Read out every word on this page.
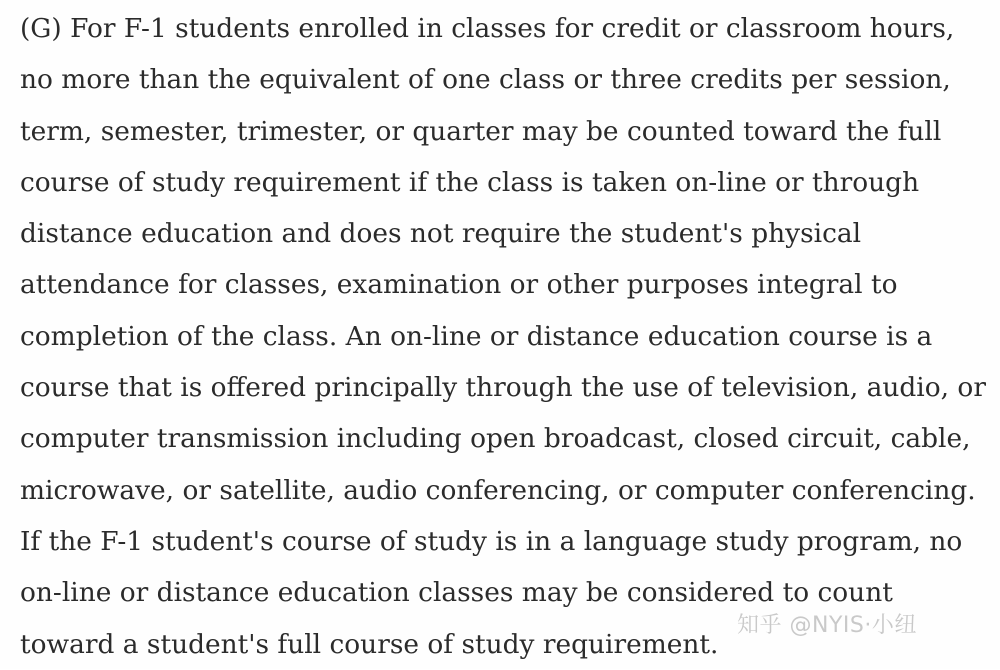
(G) For F-1 students enrolled in classes for credit or classroom hours,
no more than the equivalent of one class or three credits per session,
term, semester, trimester, or quarter may be counted toward the full
course of study requirement if the class is taken on-line or through
distance education and does not require the student's physical
attendance for classes, examination or other purposes integral to
completion of the class. An on-line or distance education course is a
course that is offered principally through the use of television, audio, or
computer transmission including open broadcast, closed circuit, cable,
microwave, or satellite, audio conferencing, or computer conferencing.
If the F-1 student's course of study is in a language study program, no
on-line or distance education classes may be considered to count
toward a student's full course of study requirement.

知乎 @NYIS·小纽
